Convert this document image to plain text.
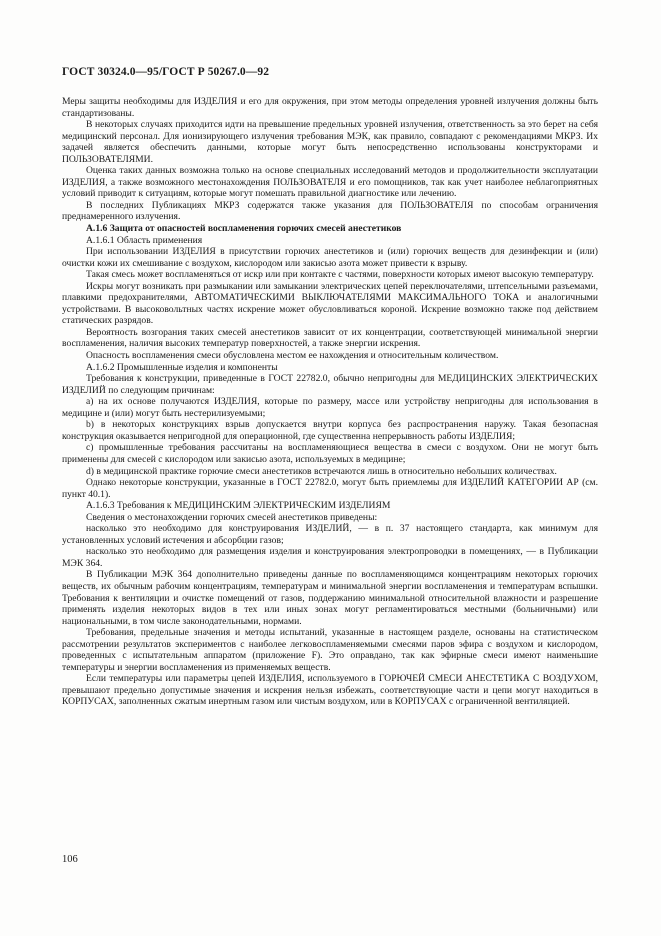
ГОСТ 30324.0—95/ГОСТ Р 50267.0—92

Меры защиты необходимы для ИЗДЕЛИЯ и его для окружения, при этом методы определения уровней излучения должны быть стандартизованы.

В некоторых случаях приходится идти на превышение предельных уровней излучения, ответственность за это берет на себя медицинский персонал. Для ионизирующего излучения требования МЭК, как правило, совпадают с рекомендациями МКРЗ. Их задачей является обеспечить данными, которые могут быть непосредственно использованы конструкторами и ПОЛЬЗОВАТЕЛЯМИ.

Оценка таких данных возможна только на основе специальных исследований методов и продолжительности эксплуатации ИЗДЕЛИЯ, а также возможного местонахождения ПОЛЬЗОВАТЕЛЯ и его помощников, так как учет наиболее неблагоприятных условий приводит к ситуациям, которые могут помешать правильной диагностике или лечению.

В последних Публикациях МКРЗ содержатся также указания для ПОЛЬЗОВАТЕЛЯ по способам ограничения преднамеренного излучения.

А.1.6 Защита от опасностей воспламенения горючих смесей анестетиков

А.1.6.1 Область применения

При использовании ИЗДЕЛИЯ в присутствии горючих анестетиков и (или) горючих веществ для дезинфекции и (или) очистки кожи их смешивание с воздухом, кислородом или закисью азота может привести к взрыву.

Такая смесь может воспламеняться от искр или при контакте с частями, поверхности которых имеют высокую температуру.

Искры могут возникать при размыкании или замыкании электрических цепей переключателями, штепсельными разъемами, плавкими предохранителями, АВТОМАТИЧЕСКИМИ ВЫКЛЮЧАТЕЛЯМИ МАКСИМАЛЬНОГО ТОКА и аналогичными устройствами. В высоковольтных частях искрение может обусловливаться короной. Искрение возможно также под действием статических разрядов.

Вероятность возгорания таких смесей анестетиков зависит от их концентрации, соответствующей минимальной энергии воспламенения, наличия высоких температур поверхностей, а также энергии искрения.

Опасность воспламенения смеси обусловлена местом ее нахождения и относительным количеством.

А.1.6.2 Промышленные изделия и компоненты

Требования к конструкции, приведенные в ГОСТ 22782.0, обычно непригодны для МЕДИЦИНСКИХ ЭЛЕКТРИЧЕСКИХ ИЗДЕЛИЙ по следующим причинам:

а) на их основе получаются ИЗДЕЛИЯ, которые по размеру, массе или устройству непригодны для использования в медицине и (или) могут быть нестерилизуемыми;

b) в некоторых конструкциях взрыв допускается внутри корпуса без распространения наружу. Такая безопасная конструкция оказывается непригодной для операционной, где существенна непрерывность работы ИЗДЕЛИЯ;

с) промышленные требования рассчитаны на воспламеняющиеся вещества в смеси с воздухом. Они не могут быть применены для смесей с кислородом или закисью азота, используемых в медицине;

d) в медицинской практике горючие смеси анестетиков встречаются лишь в относительно небольших количествах.

Однако некоторые конструкции, указанные в ГОСТ 22782.0, могут быть приемлемы для ИЗДЕЛИЙ КАТЕГОРИИ АР (см. пункт 40.1).

А.1.6.3 Требования к МЕДИЦИНСКИМ ЭЛЕКТРИЧЕСКИМ ИЗДЕЛИЯМ

Сведения о местонахождении горючих смесей анестетиков приведены:

насколько это необходимо для конструирования ИЗДЕЛИЙ, — в п. 37 настоящего стандарта, как минимум для установленных условий истечения и абсорбции газов;

насколько это необходимо для размещения изделия и конструирования электропроводки в помещениях, — в Публикации МЭК 364.

В Публикации МЭК 364 дополнительно приведены данные по воспламеняющимся концентрациям некоторых горючих веществ, их обычным рабочим концентрациям, температурам и минимальной энергии воспламенения и температурам вспышки. Требования к вентиляции и очистке помещений от газов, поддержанию минимальной относительной влажности и разрешение применять изделия некоторых видов в тех или иных зонах могут регламентироваться местными (больничными) или национальными, в том числе законодательными, нормами.

Требования, предельные значения и методы испытаний, указанные в настоящем разделе, основаны на статистическом рассмотрении результатов экспериментов с наиболее легковоспламеняемыми смесями паров эфира с воздухом и кислородом, проведенных с испытательным аппаратом (приложение F). Это оправдано, так как эфирные смеси имеют наименьшие температуры и энергии воспламенения из применяемых веществ.

Если температуры или параметры цепей ИЗДЕЛИЯ, используемого в ГОРЮЧЕЙ СМЕСИ АНЕСТЕТИКА С ВОЗДУХОМ, превышают предельно допустимые значения и искрения нельзя избежать, соответствующие части и цепи могут находиться в КОРПУСАХ, заполненных сжатым инертным газом или чистым воздухом, или в КОРПУСАХ с ограниченной вентиляцией.

106
